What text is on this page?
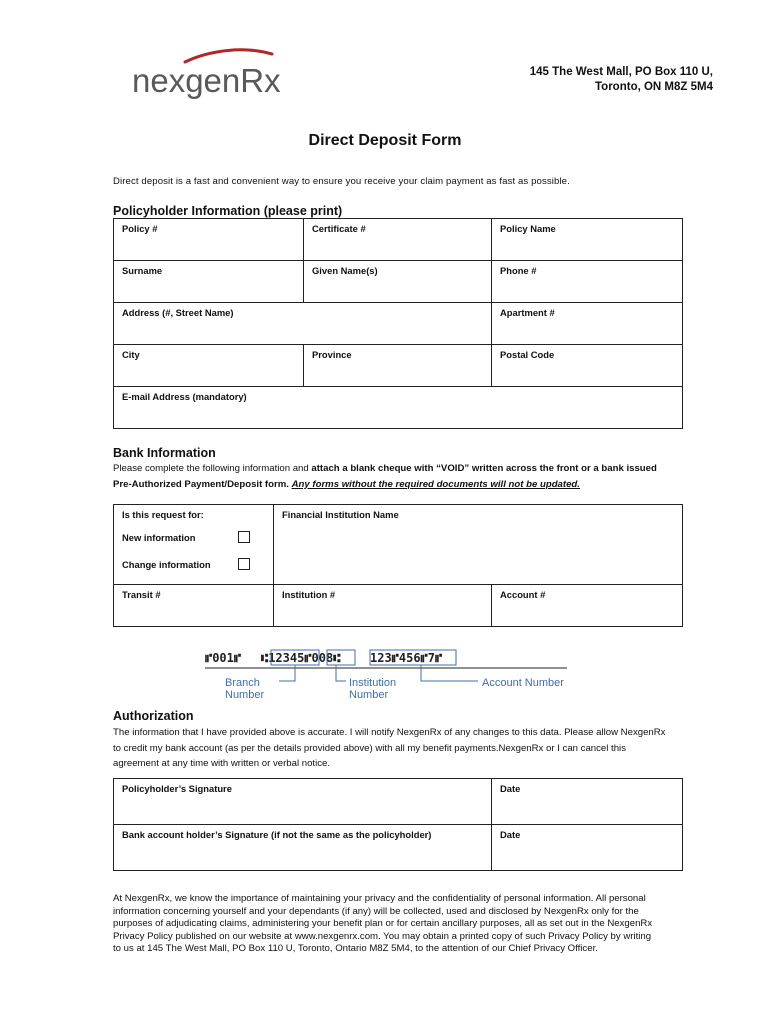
nexgenRx	145 The West Mall, PO Box 110 U,
Toronto, ON M8Z 5M4
Direct Deposit Form
Direct deposit is a fast and convenient way to ensure you receive your claim payment as fast as possible.
Policyholder Information (please print)
Policy #	Certificate #	Policy Name
Surname	Given Name(s)	Phone #
Address (#, Street Name)		Apartment #
City	Province	Postal Code
E-mail Address (mandatory)		
Bank Information
Please complete the following information and attach a blank cheque with “VOID” written across the front or a bank issued Pre-Authorized Payment/Deposit form. Any forms without the required documents will not be updated.
Is this request for:
New information
Change information	Financial Institution Name	
Transit #	Institution #	Account #
⑈001⑈ ⑆12345⑈008⑆ 123⑈456⑈7⑈
Branch
Number
Institution
Number
Account Number
Authorization
The information that I have provided above is accurate. I will notify NexgenRx of any changes to this data. Please allow NexgenRx to credit my bank account (as per the details provided above) with all my benefit payments.NexgenRx or I can cancel this agreement at any time with written or verbal notice.
Policyholder’s Signature	Date
Bank account holder’s Signature (if not the same as the policyholder)	Date
At NexgenRx, we know the importance of maintaining your privacy and the confidentiality of personal information. All personal information concerning yourself and your dependants (if any) will be collected, used and disclosed by NexgenRx only for the purposes of adjudicating claims, administering your benefit plan or for certain ancillary purposes, all as set out in the NexgenRx Privacy Policy published on our website at www.nexgenrx.com. You may obtain a printed copy of such Privacy Policy by writing to us at 145 The West Mall, PO Box 110 U, Toronto, Ontario M8Z 5M4, to the attention of our Chief Privacy Officer.
